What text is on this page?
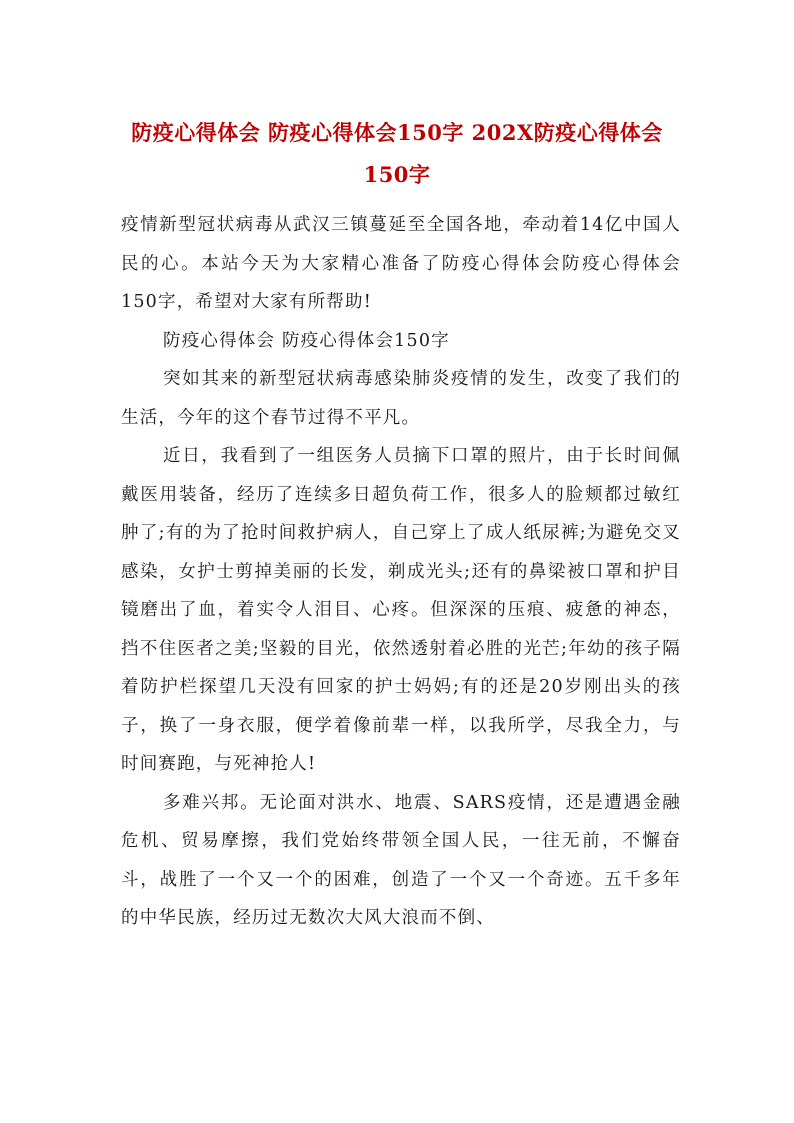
防疫心得体会 防疫心得体会150字 202X防疫心得体会150字

疫情新型冠状病毒从武汉三镇蔓延至全国各地，牵动着14亿中国人民的心。本站今天为大家精心准备了防疫心得体会防疫心得体会150字，希望对大家有所帮助!

防疫心得体会 防疫心得体会150字

突如其来的新型冠状病毒感染肺炎疫情的发生，改变了我们的生活，今年的这个春节过得不平凡。

近日，我看到了一组医务人员摘下口罩的照片，由于长时间佩戴医用装备，经历了连续多日超负荷工作，很多人的脸颊都过敏红肿了;有的为了抢时间救护病人，自己穿上了成人纸尿裤;为避免交叉感染，女护士剪掉美丽的长发，剃成光头;还有的鼻梁被口罩和护目镜磨出了血，着实令人泪目、心疼。但深深的压痕、疲惫的神态，挡不住医者之美;坚毅的目光，依然透射着必胜的光芒;年幼的孩子隔着防护栏探望几天没有回家的护士妈妈;有的还是20岁刚出头的孩子，换了一身衣服，便学着像前辈一样，以我所学，尽我全力，与时间赛跑，与死神抢人!

多难兴邦。无论面对洪水、地震、SARS疫情，还是遭遇金融危机、贸易摩擦，我们党始终带领全国人民，一往无前，不懈奋斗，战胜了一个又一个的困难，创造了一个又一个奇迹。五千多年的中华民族，经历过无数次大风大浪而不倒、
